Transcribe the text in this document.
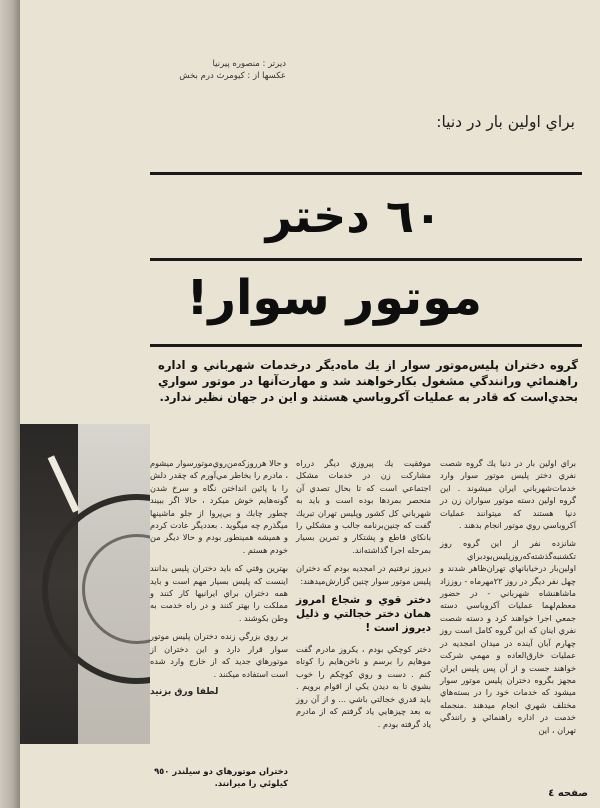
ديرتر : منصوره پيرنيا
عكسها از : كيومرث درم بخش
براي اولين بار در دنيا:
٦٠ دختر
موتور سوار!
گروه دختران پليس‌موتور سوار از يك ماه‌ديگر درخدمات شهرباني و اداره راهنمائي ورانندگي مشغول بكارخواهند شد و مهارت‌آنها در موتور سواري بحدي‌است كه قادر به عمليات آكروباسي هستند و اين در جهان نظير ندارد.

براي اولين بار در دنيا يك گروه شصت نفري دختر پليس موتور سوار وارد خدمات‌شهرباني ايران ميشوند . اين گروه اولين دسته موتور سواران زن در دنيا هستند كه ميتوانند عمليات آكروباسي روي موتور انجام بدهند .

شانزده نفر از اين گروه روز تكشنبه‌گذشته‌كه‌روزپليس‌بود‌براي اولين‌بار درخيابانهاي تهران‌ظاهر شدند و چهل نفر ديگر در روز ٢٢مهرماه - روززاد ماشاهنشاه شهرباني - در حضور معظم‌لهما عمليات آكروباسي دسته جمعي اجرا خواهند كرد و دسته شصت نفري اينان كه اين گروه كامل است روز چهارم آبان آينده در ميدان امجديه در عمليات خارق‌العاده و مهمي شركت خواهند جست و از آن پس پليس ايران مجهز بگروه دختران پليس موتور سوار ميشود كه خدمات خود را در بسته‌هاي مختلف شهري انجام ميدهند .منجمله خدمت در اداره راهنمائي و رانندگي تهران ، اين

موفقيت يك پيروزي ديگر درراه مشاركت زن در خدمات مشكل اجتماعي است كه تا بحال تصدي آن منحصر بمردها بوده است و بايد به شهرباني كل كشور وپليس تهران تبريك گفت كه چنين‌برنامه جالب و مشكلي را بانكاي قاطع و پشتكار و تمرين بسيار بمرحله اجرا گذاشته‌اند.

ديروز نرفتيم در امجديه بودم كه دختران پليس موتور سوار چنين گزارش‌ميدهند:

دختر قوي و شجاع امروز همان دختر خجالتي و ذليل ديروز است !

دختر كوچكي بودم ، يكروز مادرم گفت موهايم را برسم و ناخن‌هايم را كوتاه كنم . دست و روي كوچكم را خوب بشوي تا به ديدن يكي از اقوام برويم . بايد قدري خجالتي باشي ... و از آن روز به بعد چيزهايي ياد گرفتم كه از مادرم ياد گرفته بودم .

و حالا هرروزكه‌من‌روي‌موتورسوار ميشوم ، مادرم را بخاطر مي‌آورم كه چقدر دلش را با پائين انداختن نگاه و سرخ شدن گونه‌هايم خوش ميكرد ، حالا اگر ببيند چطور چابك و بي‌پروا از جلو ماشينها ميگذرم چه ميگويد . بعد‌ديگر عادت كردم و هميشه همينطور بودم و حالا ديگر من خودم هستم .

بهترين وقتي كه بايد دختران پليس بدانند اينست كه پليس بسيار مهم است و بايد همه دختران براي ايرانيها كار كنند و مملكت را بهتر كنند و در راه خدمت به وطن بكوشند .

بر روي بزرگي زنده دختران پليس موتور سوار قرار دارد و اين دختران از موتورهاي جديد كه از خارج وارد شده است استفاده ميكنند .

لطفا ورق بزنيد
دختران موتورهاي دو سيلندر ٩٥٠ كيلوئي را ميرانند.
صفحه ٤
